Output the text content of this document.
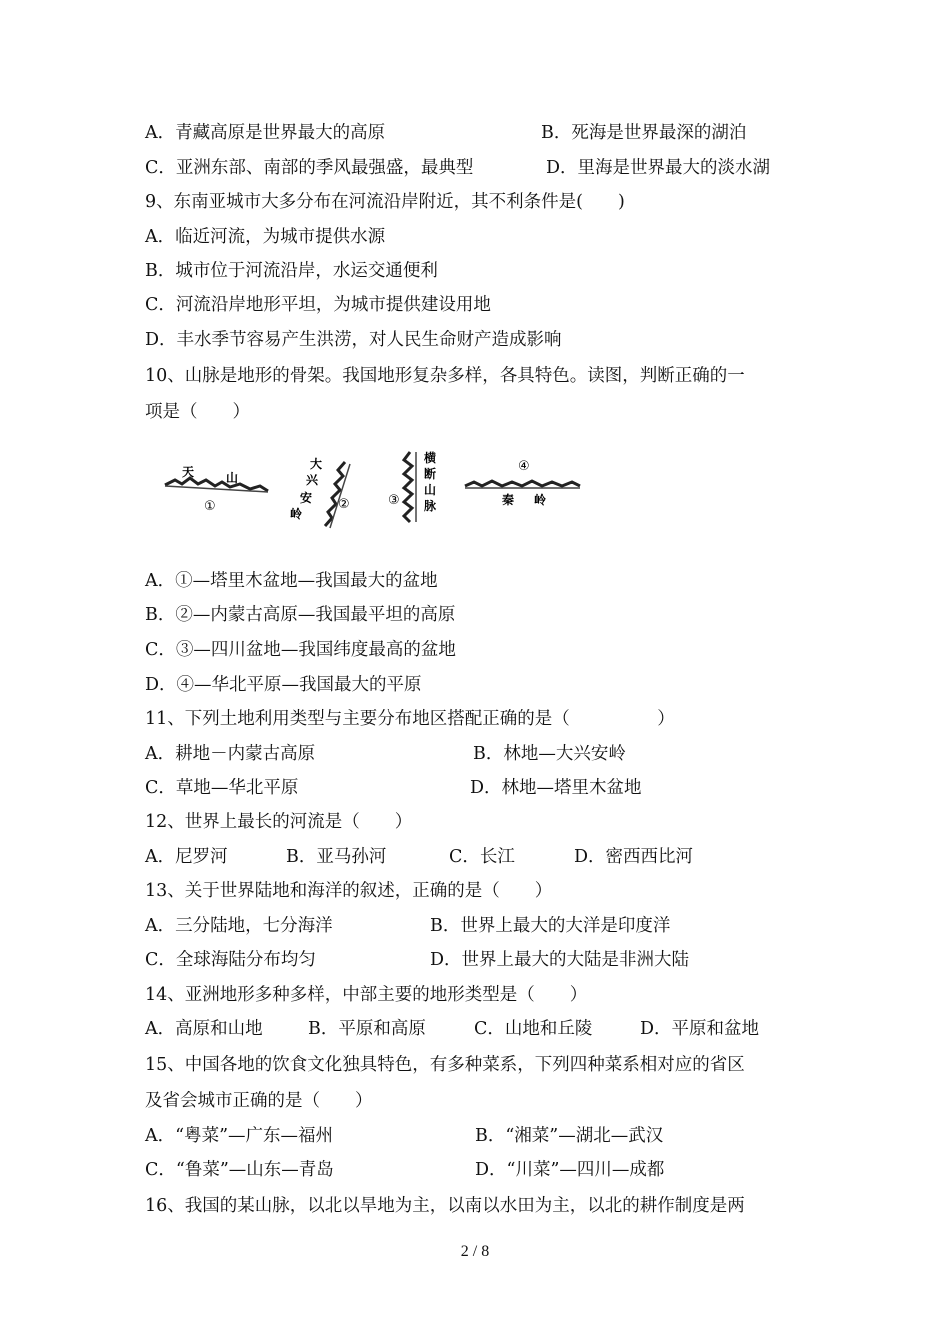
A．青藏高原是世界最大的高原	B．死海是世界最深的湖泊
C．亚洲东部、南部的季风最强盛，最典型	D．里海是世界最大的淡水湖
9、东南亚城市大多分布在河流沿岸附近，其不利条件是(　　)
A．临近河流，为城市提供水源
B．城市位于河流沿岸，水运交通便利
C．河流沿岸地形平坦，为城市提供建设用地
D．丰水季节容易产生洪涝，对人民生命财产造成影响
10、山脉是地形的骨架。我国地形复杂多样，各具特色。读图，判断正确的一
项是（　　）
天	山
①
大
兴
安
岭
②
横
断
山
脉
③
④
秦 岭
A．①—塔里木盆地—我国最大的盆地
B．②—内蒙古高原—我国最平坦的高原
C．③—四川盆地—我国纬度最高的盆地
D．④—华北平原—我国最大的平原
11、下列土地利用类型与主要分布地区搭配正确的是（　　　　　）
A．耕地－内蒙古高原	B．林地—大兴安岭
C．草地—华北平原	D．林地—塔里木盆地
12、世界上最长的河流是（　　）
A．尼罗河	B．亚马孙河	C．长江	D．密西西比河
13、关于世界陆地和海洋的叙述，正确的是（　　）
A．三分陆地，七分海洋	B．世界上最大的大洋是印度洋
C．全球海陆分布均匀	D．世界上最大的大陆是非洲大陆
14、亚洲地形多种多样，中部主要的地形类型是（　　）
A．高原和山地	B．平原和高原	C．山地和丘陵	D．平原和盆地
15、中国各地的饮食文化独具特色，有多种菜系，下列四种菜系相对应的省区
及省会城市正确的是（　　）
A．“粤菜”—广东—福州	B．“湘菜”—湖北—武汉
C．“鲁菜”—山东—青岛	D．“川菜”—四川—成都
16、我国的某山脉，以北以旱地为主，以南以水田为主，以北的耕作制度是两
2 / 8
